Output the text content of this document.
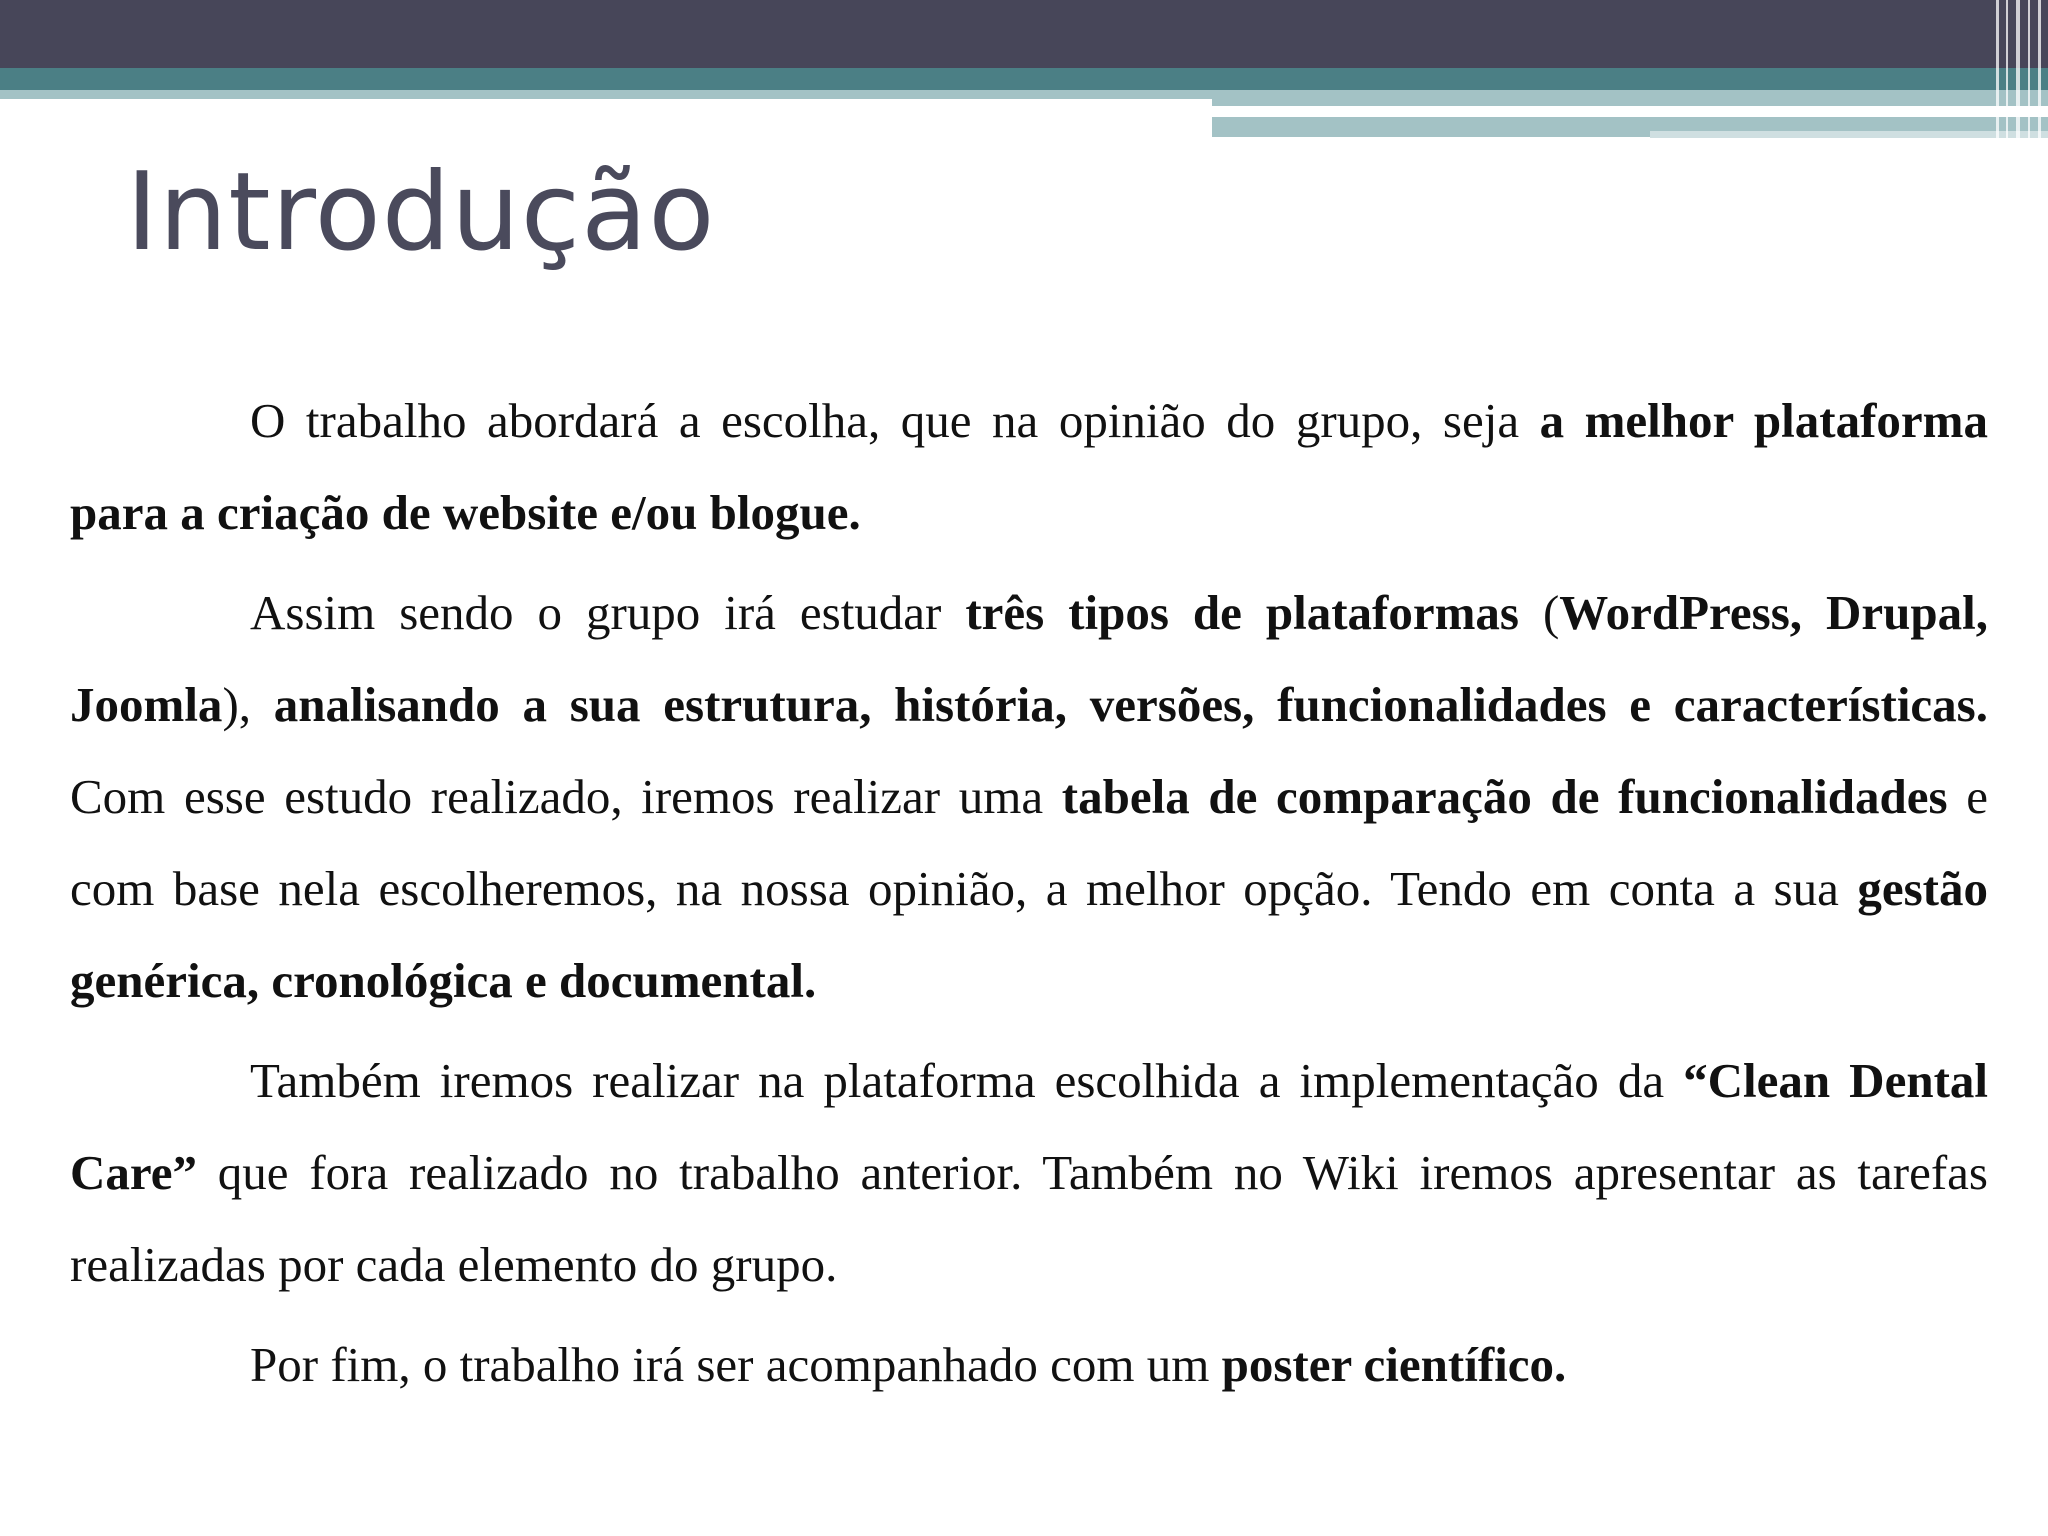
Introdução

O trabalho abordará a escolha, que na opinião do grupo, seja a melhor plataforma para a criação de website e/ou blogue.

Assim sendo o grupo irá estudar três tipos de plataformas (WordPress, Drupal, Joomla), analisando a sua estrutura, história, versões, funcionalidades e características. Com esse estudo realizado, iremos realizar uma tabela de comparação de funcionalidades e com base nela escolheremos, na nossa opinião, a melhor opção. Tendo em conta a sua gestão genérica, cronológica e documental.

Também iremos realizar na plataforma escolhida a implementação da “Clean Dental Care” que fora realizado no trabalho anterior. Também no Wiki iremos apresentar as tarefas realizadas por cada elemento do grupo.

Por fim, o trabalho irá ser acompanhado com um poster científico.
